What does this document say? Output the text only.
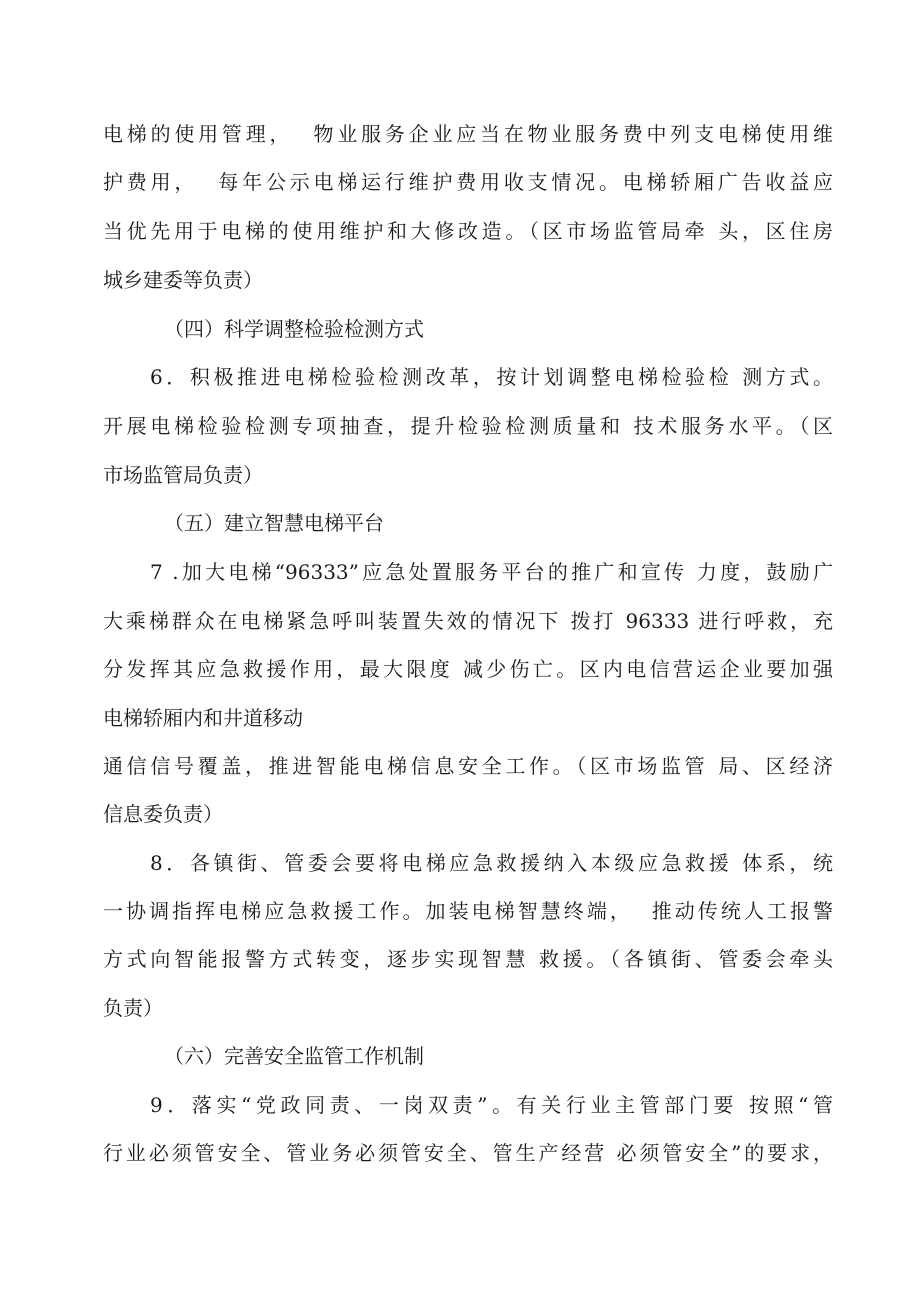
电梯的使用管理，  物业服务企业应当在物业服务费中列支电梯使用维
护费用，  每年公示电梯运行维护费用收支情况。电梯轿厢广告收益应
当优先用于电梯的使用维护和大修改造。（区市场监管局牵 头，区住房
城乡建委等负责）
（四）科学调整检验检测方式
6．积极推进电梯检验检测改革，按计划调整电梯检验检 测方式。
开展电梯检验检测专项抽查，提升检验检测质量和 技术服务水平。（区
市场监管局负责）
（五）建立智慧电梯平台
7 .加大电梯“96333”应急处置服务平台的推广和宣传 力度，鼓励广
大乘梯群众在电梯紧急呼叫装置失效的情况下 拨打 96333 进行呼救，充
分发挥其应急救援作用，最大限度 减少伤亡。区内电信营运企业要加强
电梯轿厢内和井道移动
通信信号覆盖，推进智能电梯信息安全工作。（区市场监管 局、区经济
信息委负责）
8．各镇街、管委会要将电梯应急救援纳入本级应急救援 体系，统
一协调指挥电梯应急救援工作。加装电梯智慧终端，  推动传统人工报警
方式向智能报警方式转变，逐步实现智慧 救援。（各镇街、管委会牵头
负责）
（六）完善安全监管工作机制
9．落实“党政同责、一岗双责”。有关行业主管部门要 按照“管
行业必须管安全、管业务必须管安全、管生产经营 必须管安全”的要求，
